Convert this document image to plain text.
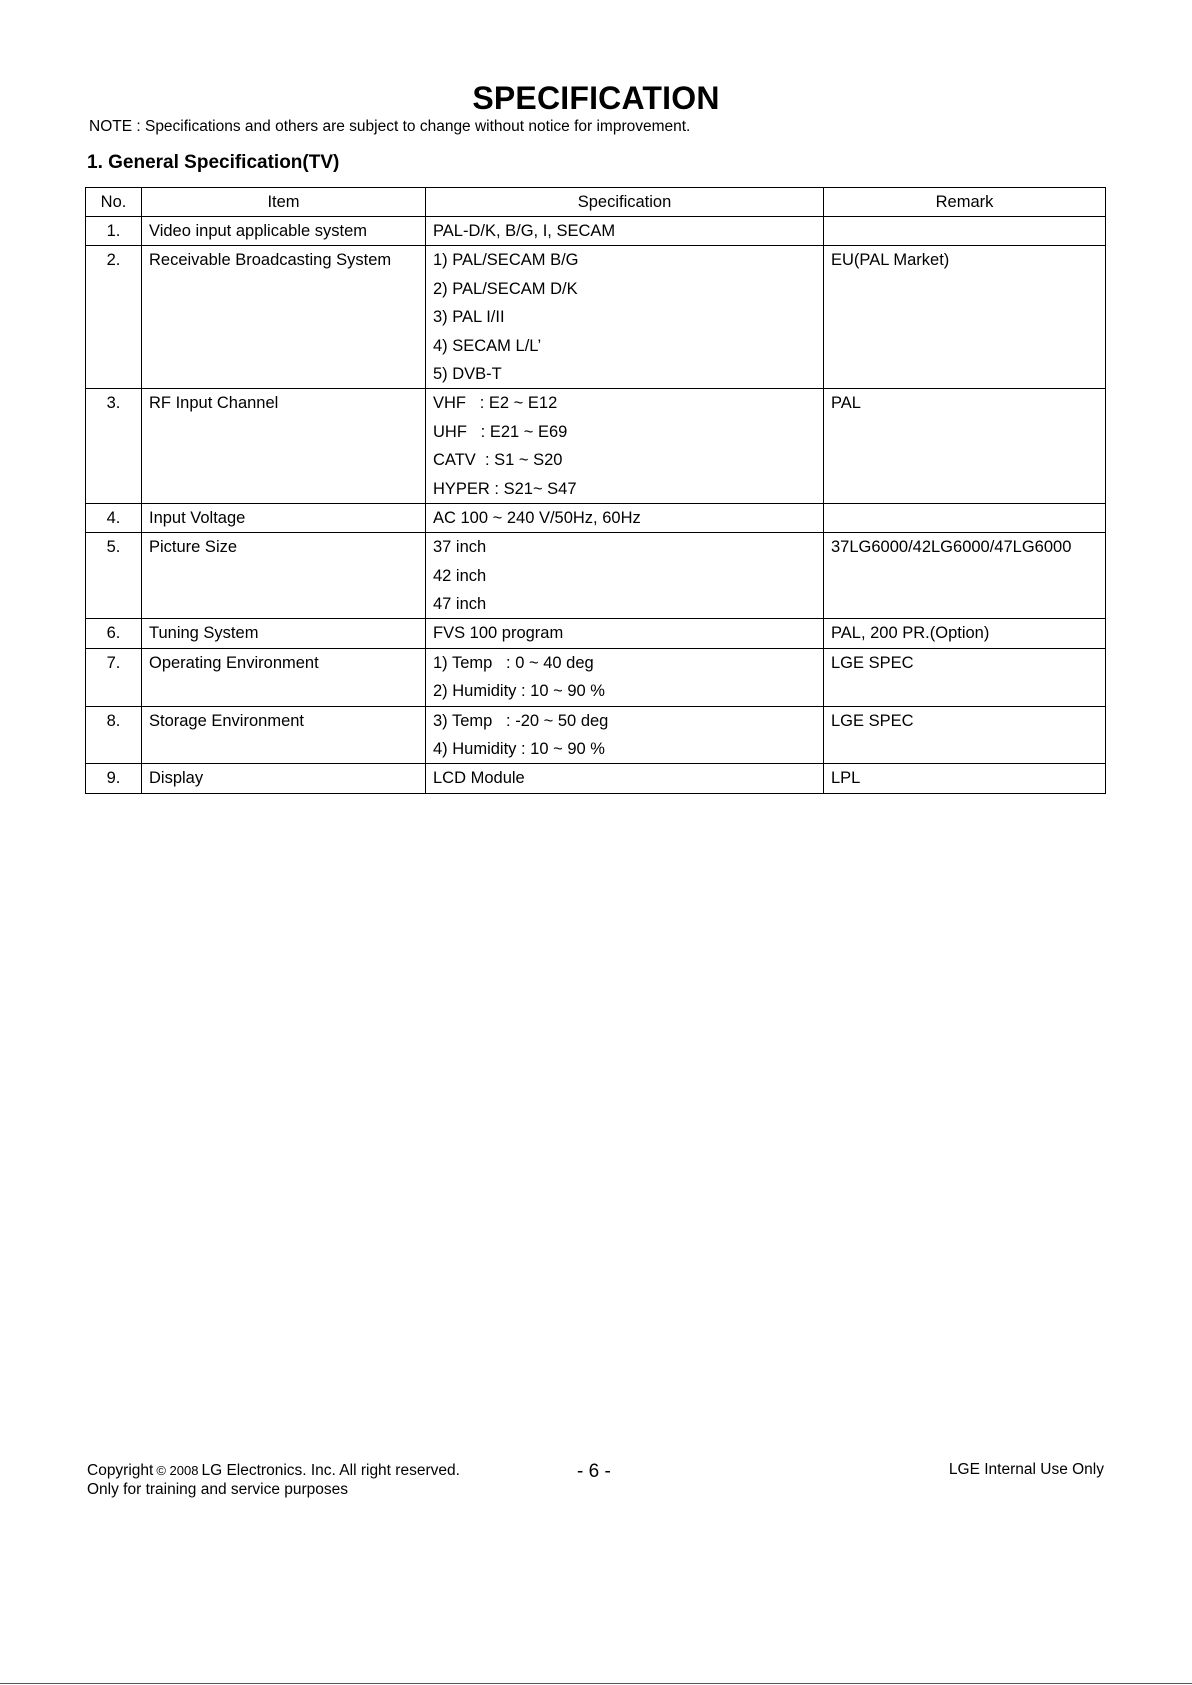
SPECIFICATION
NOTE : Specifications and others are subject to change without notice for improvement.
1. General Specification(TV)
No.	Item	Specification	Remark
1.	Video input applicable system	PAL-D/K, B/G, I, SECAM	

2.	Receivable Broadcasting System	1) PAL/SECAM B/G
2) PAL/SECAM D/K
3) PAL I/II
4) SECAM L/L’
5) DVB-T	EU(PAL Market)
3.	RF Input Channel	VHF   : E2 ~ E12
UHF   : E21 ~ E69
CATV  : S1 ~ S20
HYPER : S21~ S47	PAL
4.	Input Voltage	AC 100 ~ 240 V/50Hz, 60Hz	

5.	Picture Size	37 inch
42 inch
47 inch	37LG6000/42LG6000/47LG6000
6.	Tuning System	FVS 100 program	PAL, 200 PR.(Option)
7.	Operating Environment	1) Temp   : 0 ~ 40 deg
2) Humidity : 10 ~ 90 %	LGE SPEC
8.	Storage Environment	3) Temp   : -20 ~ 50 deg
4) Humidity : 10 ~ 90 %	LGE SPEC
9.	Display	LCD Module	LPL
Copyright © 2008 LG Electronics. Inc. All right reserved.
Only for training and service purposes
- 6 -	LGE Internal Use Only
